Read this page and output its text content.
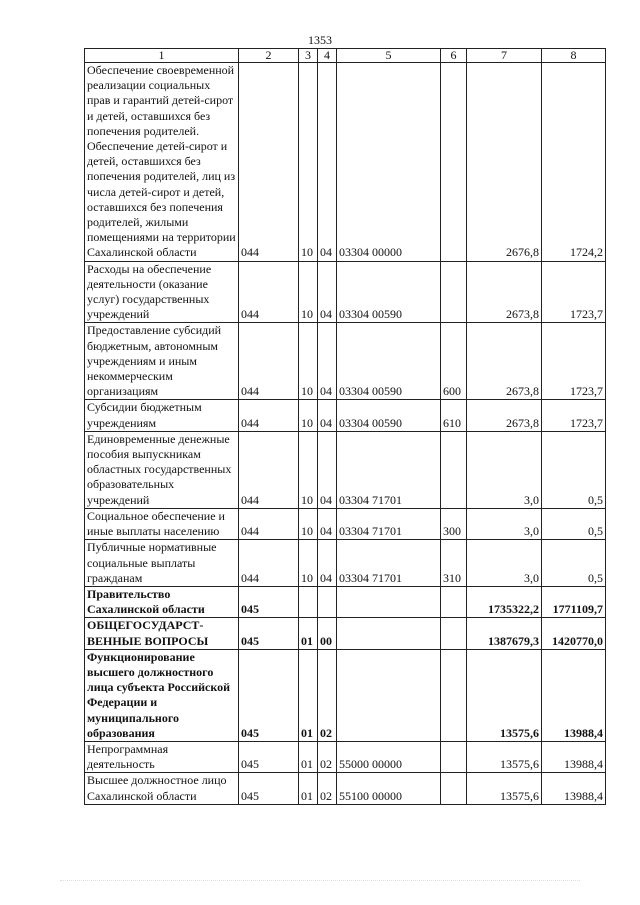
1353
1	2	3	4	5	6	7	8
Обеспечение своевременной реализации социальных прав и гарантий детей-сирот и детей, оставшихся без попечения родителей. Обеспечение детей-сирот и детей, оставшихся без попечения родителей, лиц из числа детей-сирот и детей, оставшихся без попечения родителей, жилыми помещениями на территории Сахалинской области	044	10	04	03304 00000		2676,8	1724,2
Расходы на обеспечение деятельности (оказание услуг) государственных учреждений	044	10	04	03304 00590		2673,8	1723,7
Предоставление субсидий бюджетным, автономным учреждениям и иным некоммерческим организациям	044	10	04	03304 00590	600	2673,8	1723,7
Субсидии бюджетным учреждениям	044	10	04	03304 00590	610	2673,8	1723,7
Единовременные денежные пособия выпускникам областных государственных образовательных учреждений	044	10	04	03304 71701		3,0	0,5
Социальное обеспечение и иные выплаты населению	044	10	04	03304 71701	300	3,0	0,5
Публичные нормативные социальные выплаты гражданам	044	10	04	03304 71701	310	3,0	0,5
Правительство Сахалинской области	045					1735322,2	1771109,7
ОБЩЕГОСУДАРСТ-ВЕННЫЕ ВОПРОСЫ	045	01	00			1387679,3	1420770,0
Функционирование высшего должностного лица субъекта Российской Федерации и муниципального образования	045	01	02			13575,6	13988,4
Непрограммная деятельность	045	01	02	55000 00000		13575,6	13988,4
Высшее должностное лицо Сахалинской области	045	01	02	55100 00000		13575,6	13988,4
